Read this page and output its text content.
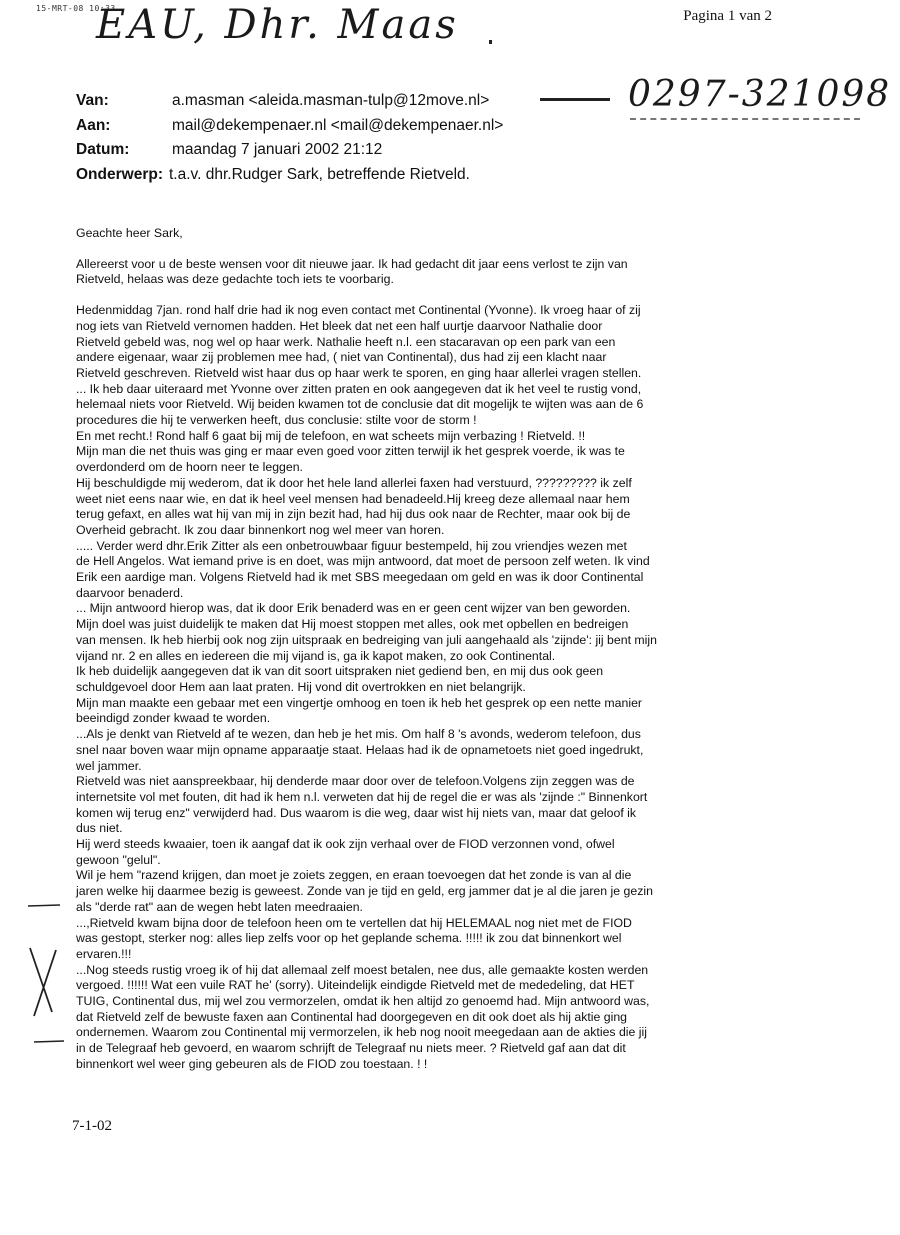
15-MRT-08 10:33
EAU, Dhr. Maas	Pagina 1 van 2
0297-321098
Van:	a.masman <aleida.masman-tulp@12move.nl>
Aan:	mail@dekempenaer.nl <mail@dekempenaer.nl>
Datum:	maandag 7 januari 2002 21:12
Onderwerp: t.a.v. dhr.Rudger Sark, betreffende Rietveld.

Geachte heer Sark,

Allereerst voor u de beste wensen voor dit nieuwe jaar. Ik had gedacht dit jaar eens verlost te zijn van

Rietveld, helaas was deze gedachte toch iets te voorbarig.

Hedenmiddag 7jan. rond half drie had ik nog even contact met Continental (Yvonne). Ik vroeg haar of zij

nog iets van Rietveld vernomen hadden. Het bleek dat net een half uurtje daarvoor Nathalie door

Rietveld gebeld was, nog wel op haar werk. Nathalie heeft n.l. een stacaravan op een park van een

andere eigenaar, waar zij problemen mee had, ( niet van Continental), dus had zij een klacht naar

Rietveld geschreven. Rietveld wist haar dus op haar werk te sporen, en ging haar allerlei vragen stellen.

... Ik heb daar uiteraard met Yvonne over zitten praten en ook aangegeven dat ik het veel te rustig vond,

helemaal niets voor Rietveld. Wij beiden kwamen tot de conclusie dat dit mogelijk te wijten was aan de 6

procedures die hij te verwerken heeft, dus conclusie: stilte voor de storm !

En met recht.! Rond half 6 gaat bij mij de telefoon, en wat scheets mijn verbazing ! Rietveld. !!

Mijn man die net thuis was ging er maar even goed voor zitten terwijl ik het gesprek voerde, ik was te

overdonderd om de hoorn neer te leggen.

Hij beschuldigde mij wederom, dat ik door het hele land allerlei faxen had verstuurd, ????????? ik zelf

weet niet eens naar wie, en dat ik heel veel mensen had benadeeld.Hij kreeg deze allemaal naar hem

terug gefaxt, en alles wat hij van mij in zijn bezit had, had hij dus ook naar de Rechter, maar ook bij de

Overheid gebracht. Ik zou daar binnenkort nog wel meer van horen.

..... Verder werd dhr.Erik Zitter als een onbetrouwbaar figuur bestempeld, hij zou vriendjes wezen met

de Hell Angelos. Wat iemand prive is en doet, was mijn antwoord, dat moet de persoon zelf weten. Ik vind

Erik een aardige man. Volgens Rietveld had ik met SBS meegedaan om geld en was ik door Continental

daarvoor benaderd.

... Mijn antwoord hierop was, dat ik door Erik benaderd was en er geen cent wijzer van ben geworden.

Mijn doel was juist duidelijk te maken dat Hij moest stoppen met alles, ook met opbellen en bedreigen

van mensen. Ik heb hierbij ook nog zijn uitspraak en bedreiging van juli aangehaald als 'zijnde': jij bent mijn

vijand nr. 2 en alles en iedereen die mij vijand is, ga ik kapot maken, zo ook Continental.

Ik heb duidelijk aangegeven dat ik van dit soort uitspraken niet gediend ben, en mij dus ook geen

schuldgevoel door Hem aan laat praten. Hij vond dit overtrokken en niet belangrijk.

Mijn man maakte een gebaar met een vingertje omhoog en toen ik heb het gesprek op een nette manier

beeindigd zonder kwaad te worden.

...Als je denkt van Rietveld af te wezen, dan heb je het mis. Om half 8 's avonds, wederom telefoon, dus

snel naar boven waar mijn opname apparaatje staat. Helaas had ik de opnametoets niet goed ingedrukt,

wel jammer.

Rietveld was niet aanspreekbaar, hij denderde maar door over de telefoon.Volgens zijn zeggen was de

internetsite vol met fouten, dit had ik hem n.l. verweten dat hij de regel die er was als 'zijnde :" Binnenkort

komen wij terug enz" verwijderd had. Dus waarom is die weg, daar wist hij niets van, maar dat geloof ik

dus niet.

Hij werd steeds kwaaier, toen ik aangaf dat ik ook zijn verhaal over de FIOD verzonnen vond, ofwel

gewoon "gelul".

Wil je hem "razend krijgen, dan moet je zoiets zeggen, en eraan toevoegen dat het zonde is van al die

jaren welke hij daarmee bezig is geweest. Zonde van je tijd en geld, erg jammer dat je al die jaren je gezin

als "derde rat" aan de wegen hebt laten meedraaien.

...,Rietveld kwam bijna door de telefoon heen om te vertellen dat hij HELEMAAL nog niet met de FIOD

was gestopt, sterker nog: alles liep zelfs voor op het geplande schema. !!!!! ik zou dat binnenkort wel

ervaren.!!!

...Nog steeds rustig vroeg ik of hij dat allemaal zelf moest betalen, nee dus, alle gemaakte kosten werden

vergoed. !!!!!! Wat een vuile RAT he' (sorry). Uiteindelijk eindigde Rietveld met de mededeling, dat HET

TUIG, Continental dus, mij wel zou vermorzelen, omdat ik hen altijd zo genoemd had. Mijn antwoord was,

dat Rietveld zelf de bewuste faxen aan Continental had doorgegeven en dit ook doet als hij aktie ging

ondernemen. Waarom zou Continental mij vermorzelen, ik heb nog nooit meegedaan aan de akties die jij

in de Telegraaf heb gevoerd, en waarom schrijft de Telegraaf nu niets meer. ? Rietveld gaf aan dat dit

binnenkort wel weer ging gebeuren als de FIOD zou toestaan. ! !

7-1-02
